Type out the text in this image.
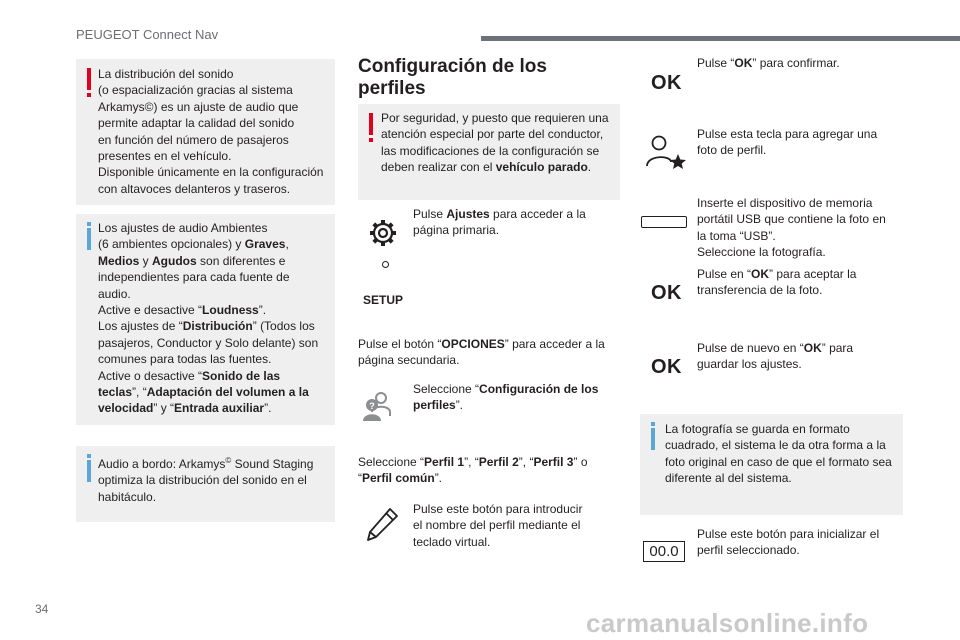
PEUGEOT Connect Nav
34	carmanualsonline.info

La distribución del sonido

(o espacialización gracias al sistema

Arkamys©) es un ajuste de audio que

permite adaptar la calidad del sonido

en función del número de pasajeros

presentes en el vehículo.

Disponible únicamente en la configuración

con altavoces delanteros y traseros.

Los ajustes de audio Ambientes

(6 ambientes opcionales) y Graves,

Medios y Agudos son diferentes e

independientes para cada fuente de

audio.

Active e desactive “Loudness”.

Los ajustes de “Distribución” (Todos los

pasajeros, Conductor y Solo delante) son

comunes para todas las fuentes.

Active o desactive “Sonido de las

teclas”, “Adaptación del volumen a la

velocidad” y “Entrada auxiliar”.

Audio a bordo: Arkamys© Sound Staging

optimiza la distribución del sonido en el

habitáculo.

Configuración de los
perfiles

Por seguridad, y puesto que requieren una

atención especial por parte del conductor,

las modificaciones de la configuración se

deben realizar con el vehículo parado.

SETUP

Pulse Ajustes para acceder a la

página primaria.

Pulse el botón “OPCIONES” para acceder a la

página secundaria.

?

Seleccione “Configuración de los

perfiles”.

Seleccione “Perfil 1”, “Perfil 2”, “Perfil 3” o

“Perfil común”.

Pulse este botón para introducir

el nombre del perfil mediante el

teclado virtual.

OK

Pulse “OK” para confirmar.

Pulse esta tecla para agregar una

foto de perfil.

Inserte el dispositivo de memoria

portátil USB que contiene la foto en

la toma “USB”.

Seleccione la fotografía.

OK

Pulse en “OK” para aceptar la

transferencia de la foto.

OK

Pulse de nuevo en “OK” para

guardar los ajustes.

La fotografía se guarda en formato

cuadrado, el sistema le da otra forma a la

foto original en caso de que el formato sea

diferente al del sistema.

00.0

Pulse este botón para inicializar el

perfil seleccionado.
